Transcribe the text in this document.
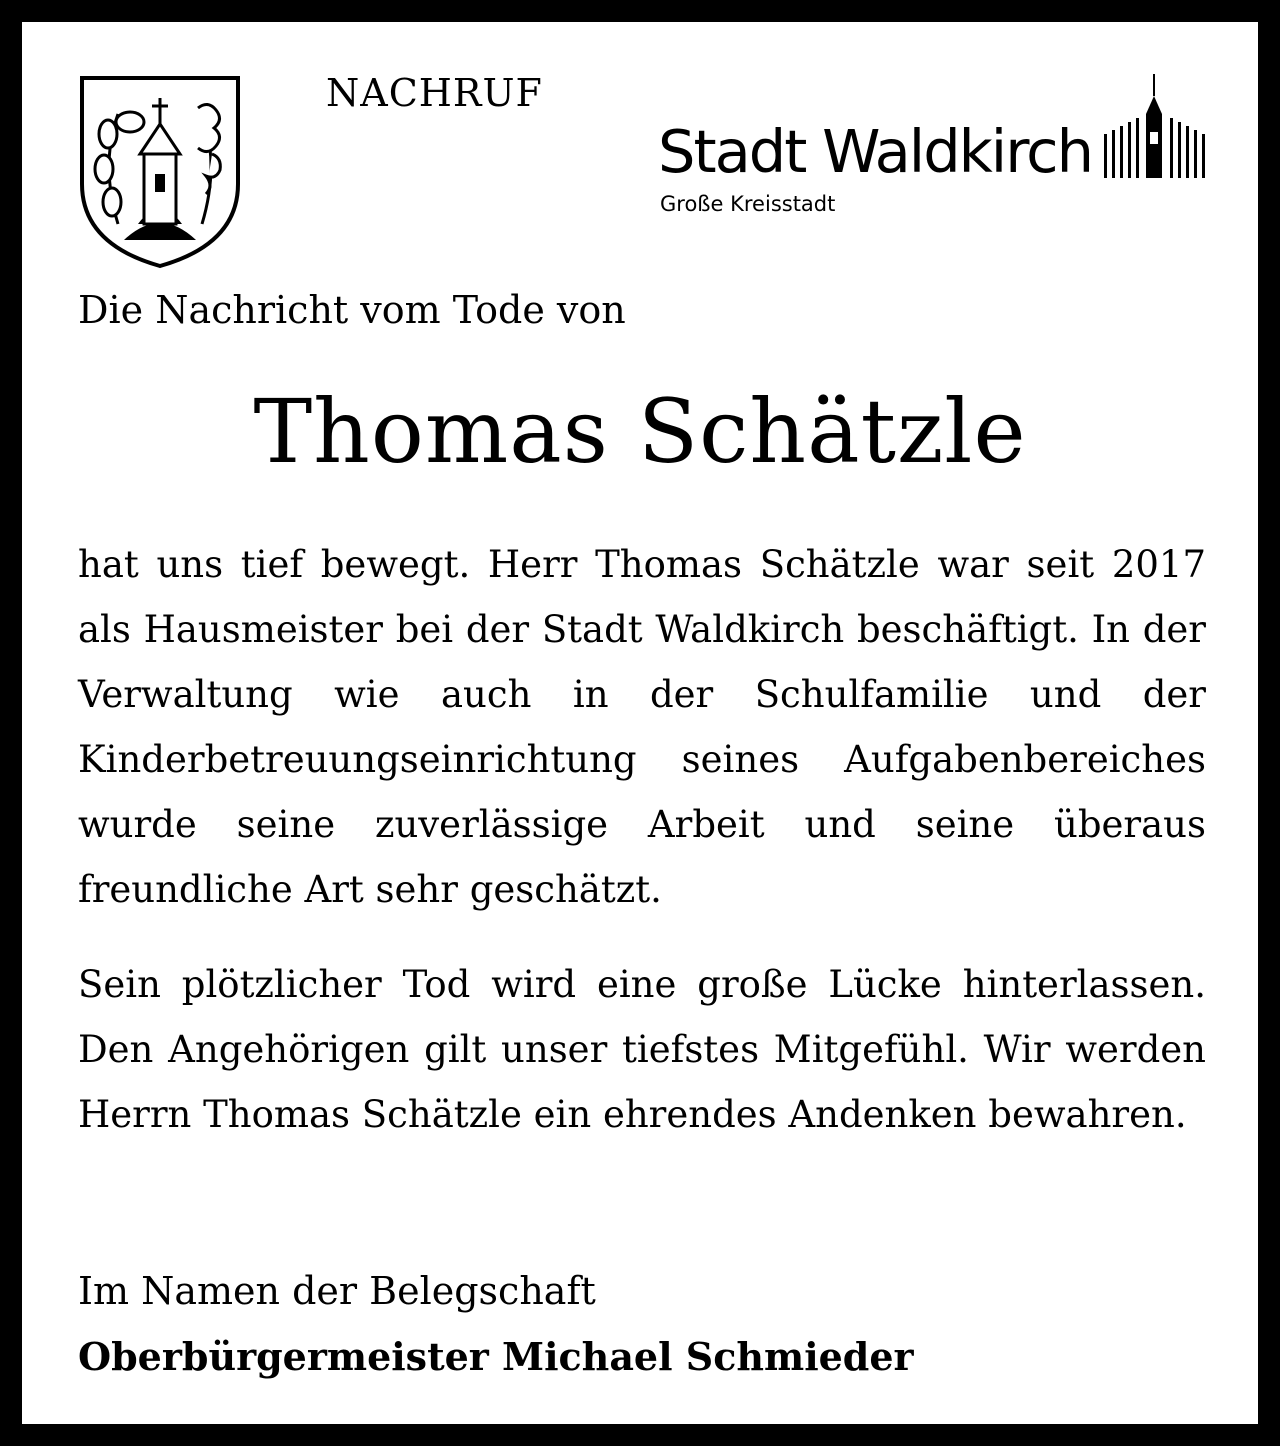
NACHRUF
Stadt Waldkirch
Große Kreisstadt
Die Nachricht vom Tode von
Thomas Schätzle

hat uns tief bewegt. Herr Thomas Schätzle war seit 2017 als Hausmeister bei der Stadt Waldkirch beschäftigt. In der Verwaltung wie auch in der Schulfamilie und der Kinderbetreuungseinrichtung seines Aufgabenbereiches wurde seine zuverlässige Arbeit und seine überaus freundliche Art sehr geschätzt.

Sein plötzlicher Tod wird eine große Lücke hinterlassen. Den Angehörigen gilt unser tiefstes Mitgefühl. Wir werden Herrn Thomas Schätzle ein ehrendes Andenken bewahren.

Im Namen der Belegschaft
Oberbürgermeister Michael Schmieder
